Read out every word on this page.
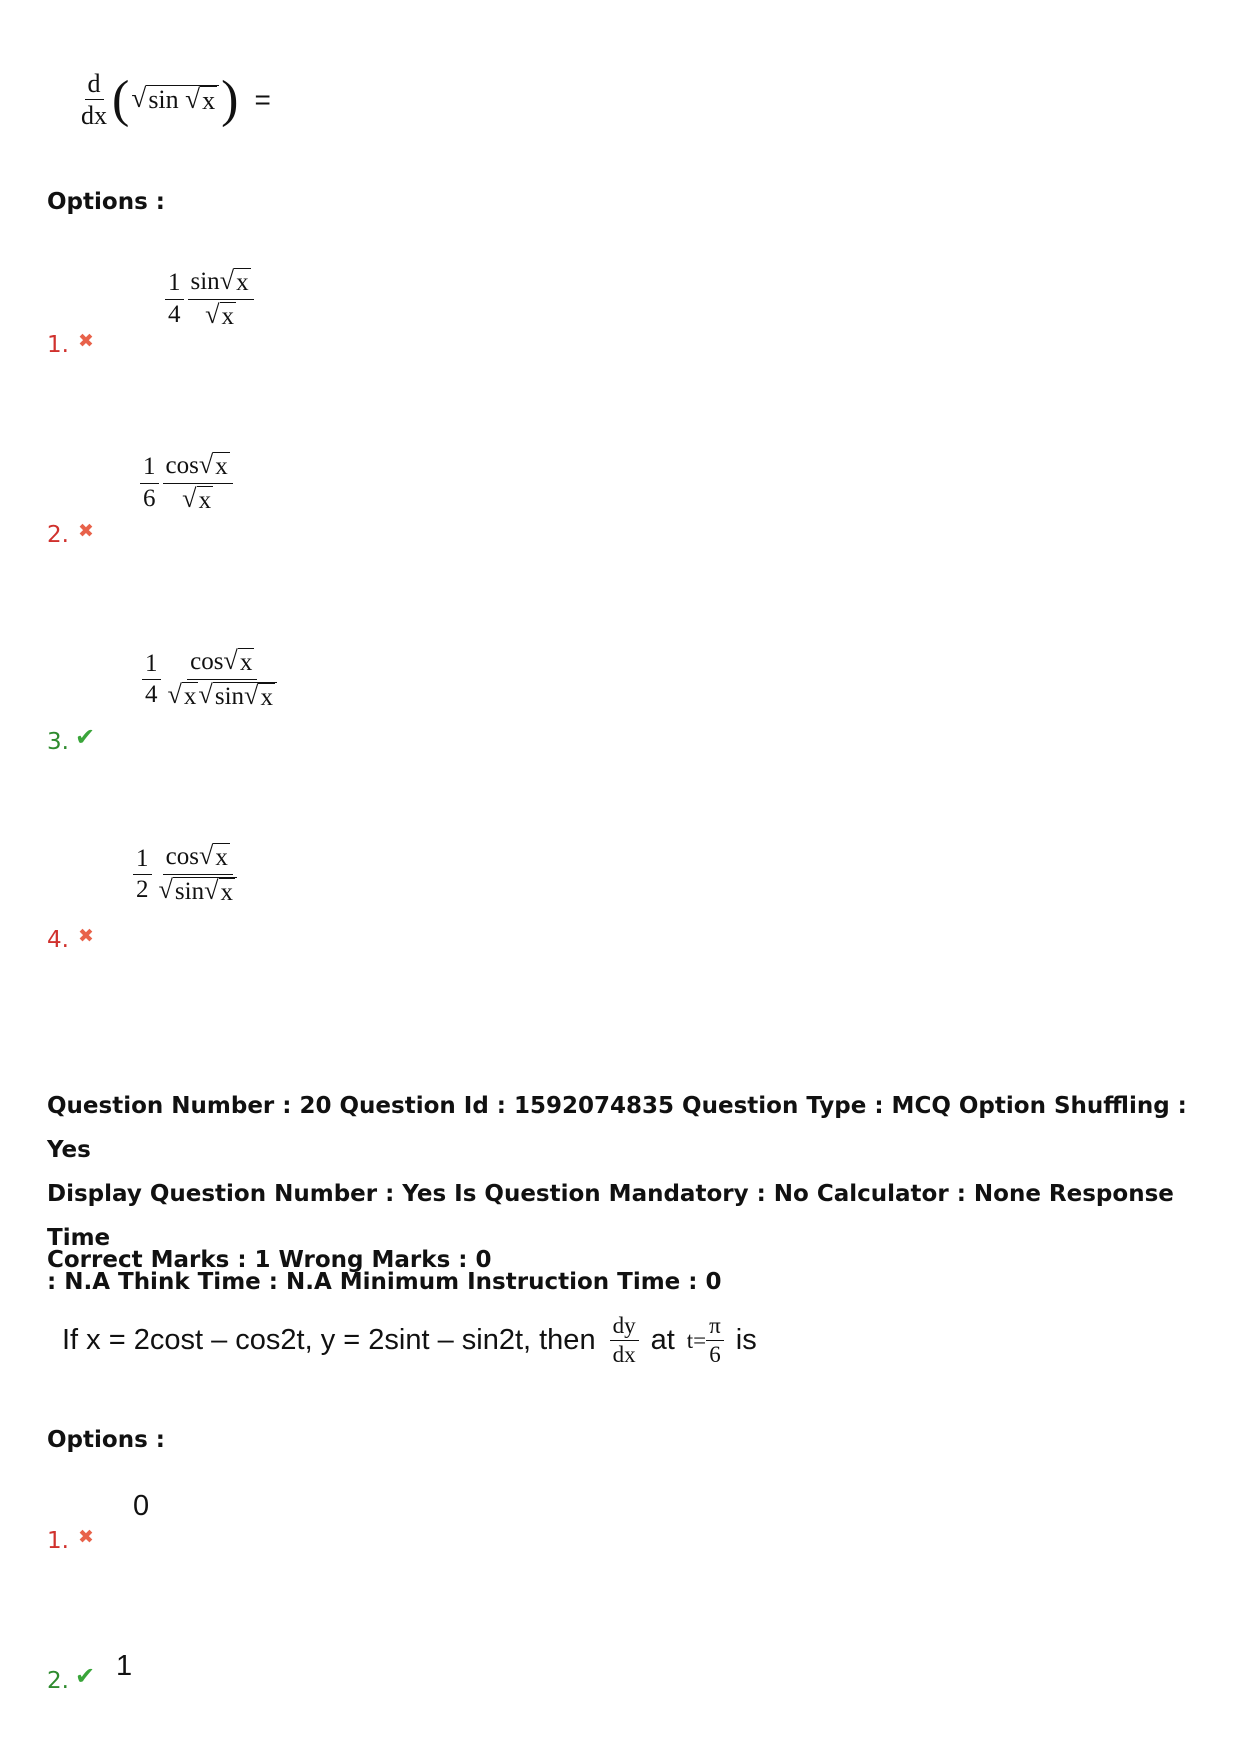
$\frac{d}{dx}$ ( √ sin √ x ) =
Options :
1. ✖
$\frac{1}{4} \frac{\sin √ x}{√ x}$
2. ✖
$\frac{1}{6} \frac{\cos √ x}{√ x}$
3. ✔
$\frac{1}{4} \frac{\cos √ x}{√ x √ \sin √ x}$
4. ✖
$\frac{1}{2} \frac{\cos √ x}{√ \sin √ x}$
Question Number : 20 Question Id : 1592074835 Question Type : MCQ Option Shuffling : Yes
Display Question Number : Yes Is Question Mandatory : No Calculator : None Response Time
: N.A Think Time : N.A Minimum Instruction Time : 0
Correct Marks : 1 Wrong Marks : 0
If x = 2cost – cos2t, y = 2sint – sin2t, then $\frac{dy}{dx}$ at $t= \frac{\pi}{6}$ is
Options :
1. ✖
0
2. ✔ 1
